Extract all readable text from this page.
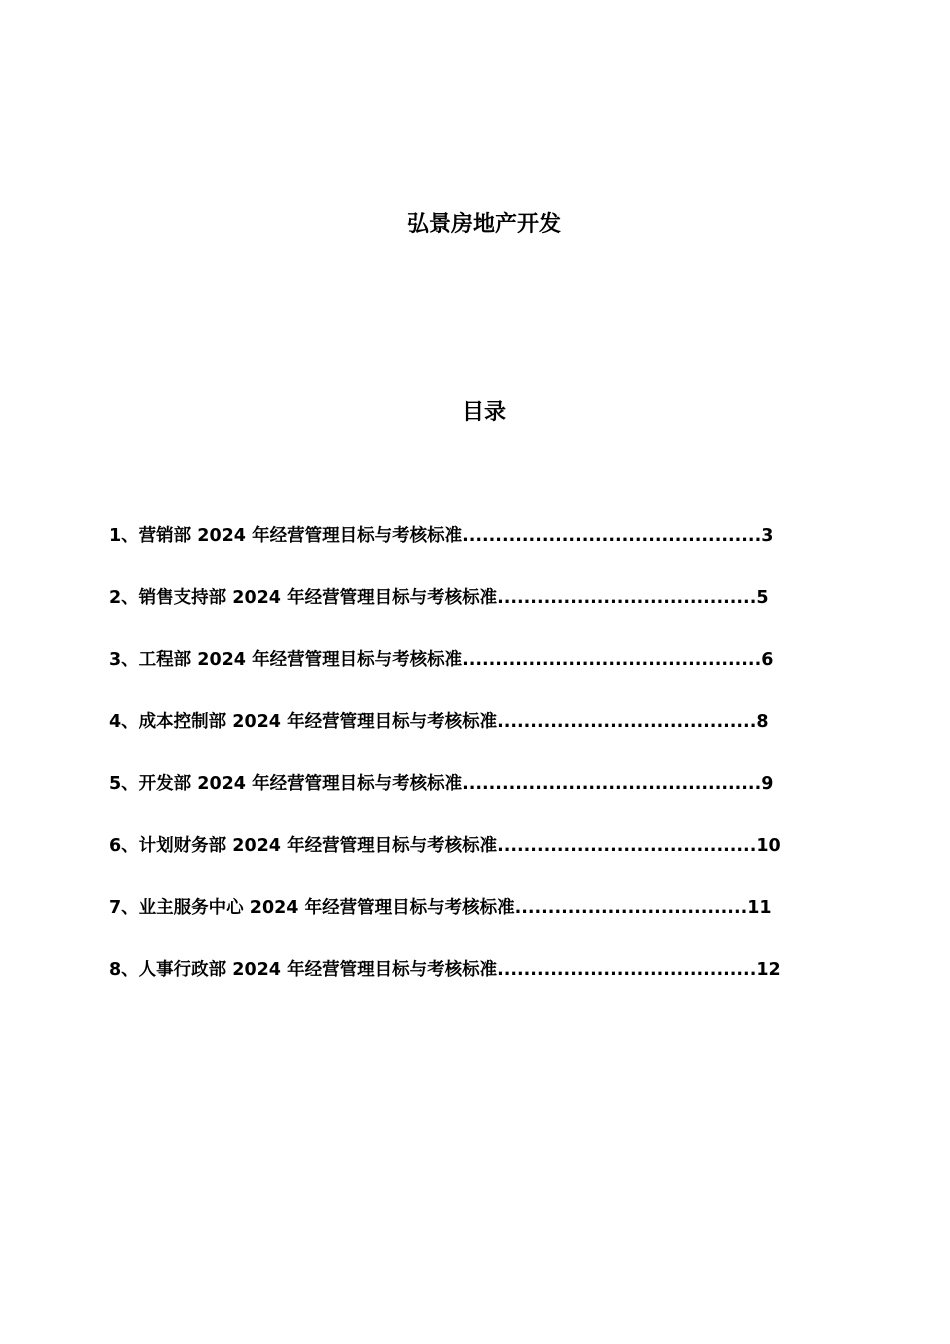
弘景房地产开发
目录
1、营销部 2024 年经营管理目标与考核标准.............................................3
2、销售支持部 2024 年经营管理目标与考核标准.......................................5
3、工程部 2024 年经营管理目标与考核标准.............................................6
4、成本控制部 2024 年经营管理目标与考核标准.......................................8
5、开发部 2024 年经营管理目标与考核标准.............................................9
6、计划财务部 2024 年经营管理目标与考核标准.......................................10
7、业主服务中心 2024 年经营管理目标与考核标准...................................11
8、人事行政部 2024 年经营管理目标与考核标准.......................................12
